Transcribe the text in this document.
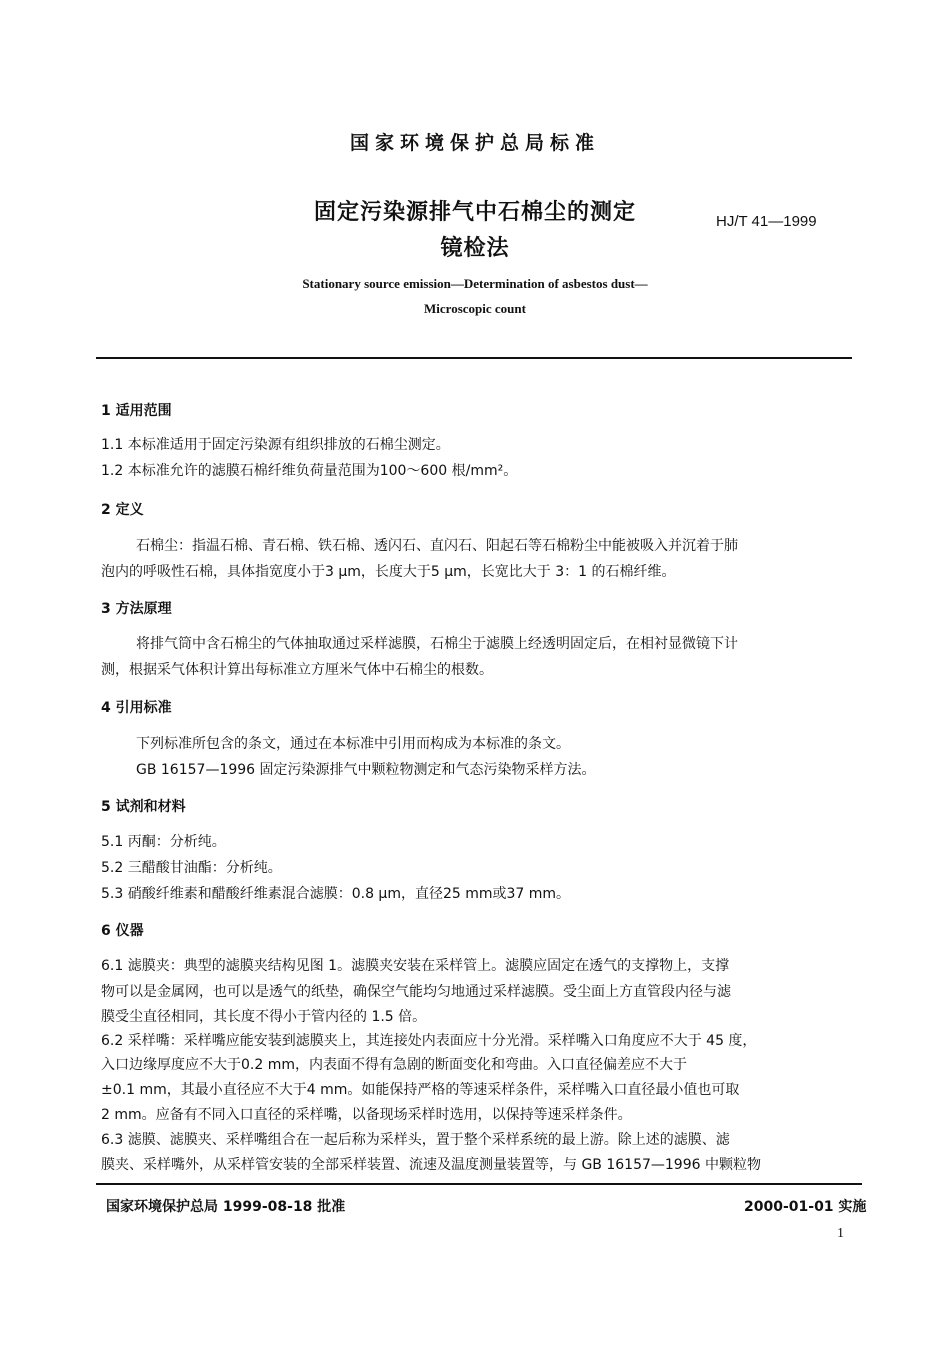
国家环境保护总局标准
固定污染源排气中石棉尘的测定
镜检法
HJ/T 41—1999
Stationary source emission—Determination of asbestos dust—
Microscopic count
1 适用范围
1.1 本标准适用于固定污染源有组织排放的石棉尘测定。
1.2 本标准允许的滤膜石棉纤维负荷量范围为100～600 根/mm²。
2 定义
石棉尘：指温石棉、青石棉、铁石棉、透闪石、直闪石、阳起石等石棉粉尘中能被吸入并沉着于肺
泡内的呼吸性石棉，具体指宽度小于3 μm，长度大于5 μm，长宽比大于 3：1 的石棉纤维。
3 方法原理
将排气筒中含石棉尘的气体抽取通过采样滤膜，石棉尘于滤膜上经透明固定后，在相衬显微镜下计
测，根据采气体积计算出每标准立方厘米气体中石棉尘的根数。
4 引用标准
下列标准所包含的条文，通过在本标准中引用而构成为本标准的条文。
GB 16157—1996 固定污染源排气中颗粒物测定和气态污染物采样方法。
5 试剂和材料
5.1 丙酮：分析纯。
5.2 三醋酸甘油酯：分析纯。
5.3 硝酸纤维素和醋酸纤维素混合滤膜：0.8 μm，直径25 mm或37 mm。
6 仪器
6.1 滤膜夹：典型的滤膜夹结构见图 1。滤膜夹安装在采样管上。滤膜应固定在透气的支撑物上，支撑
物可以是金属网，也可以是透气的纸垫，确保空气能均匀地通过采样滤膜。受尘面上方直管段内径与滤
膜受尘直径相同，其长度不得小于管内径的 1.5 倍。
6.2 采样嘴：采样嘴应能安装到滤膜夹上，其连接处内表面应十分光滑。采样嘴入口角度应不大于 45 度，
入口边缘厚度应不大于0.2 mm，内表面不得有急剧的断面变化和弯曲。入口直径偏差应不大于
±0.1 mm，其最小直径应不大于4 mm。如能保持严格的等速采样条件，采样嘴入口直径最小值也可取
2 mm。应备有不同入口直径的采样嘴，以备现场采样时选用，以保持等速采样条件。
6.3 滤膜、滤膜夹、采样嘴组合在一起后称为采样头，置于整个采样系统的最上游。除上述的滤膜、滤
膜夹、采样嘴外，从采样管安装的全部采样装置、流速及温度测量装置等，与 GB 16157—1996 中颗粒物
国家环境保护总局 1999-08-18 批准	2000-01-01 实施
1
